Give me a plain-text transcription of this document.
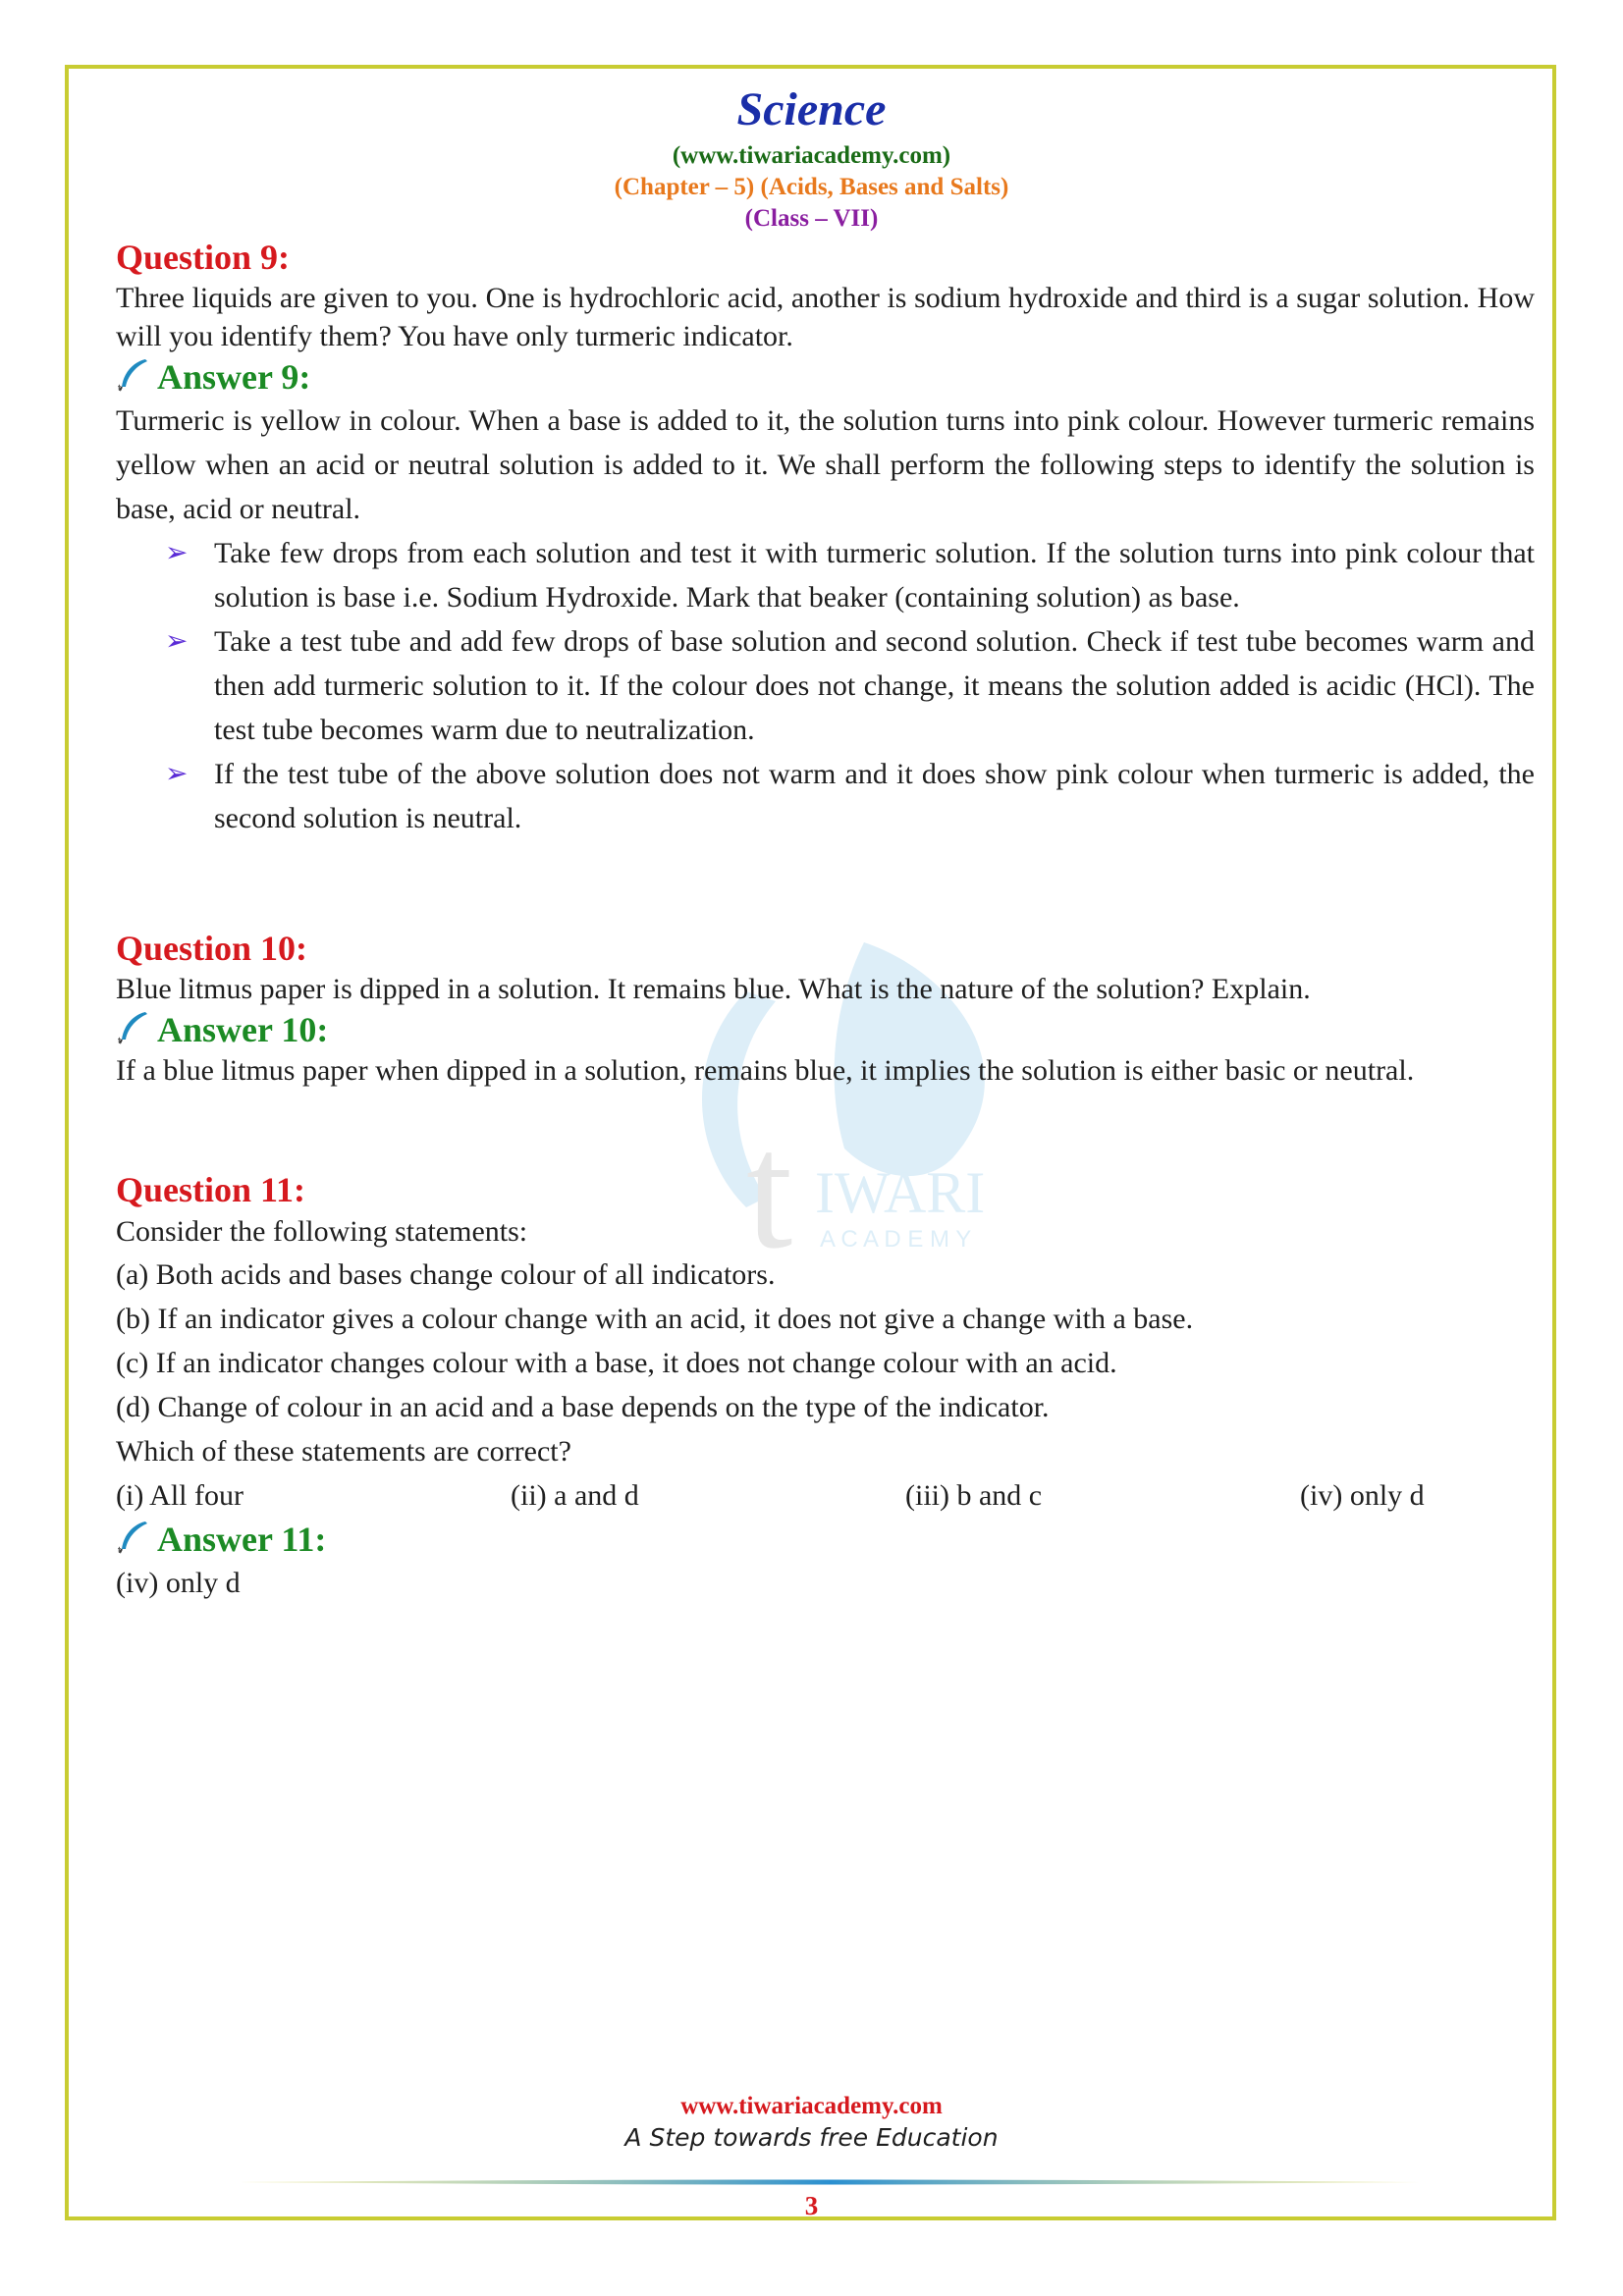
t IWARI
A C A D E M Y
Science
(www.tiwariacademy.com)
(Chapter – 5) (Acids, Bases and Salts)
(Class – VII)
Question 9:
Three liquids are given to you. One is hydrochloric acid, another is sodium hydroxide and third is a sugar solution. How will you identify them? You have only turmeric indicator.
t Answer 9:
Turmeric is yellow in colour. When a base is added to it, the solution turns into pink colour. However turmeric remains yellow when an acid or neutral solution is added to it. We shall perform the following steps to identify the solution is base, acid or neutral.
➢ Take few drops from each solution and test it with turmeric solution. If the solution turns into pink colour that solution is base i.e. Sodium Hydroxide. Mark that beaker (containing solution) as base.
➢ Take a test tube and add few drops of base solution and second solution. Check if test tube becomes warm and then add turmeric solution to it. If the colour does not change, it means the solution added is acidic (HCl). The test tube becomes warm due to neutralization.
➢ If the test tube of the above solution does not warm and it does show pink colour when turmeric is added, the second solution is neutral.
Question 10:
Blue litmus paper is dipped in a solution. It remains blue. What is the nature of the solution? Explain.
t Answer 10:
If a blue litmus paper when dipped in a solution, remains blue, it implies the solution is either basic or neutral.
Question 11:
Consider the following statements:
(a) Both acids and bases change colour of all indicators.
(b) If an indicator gives a colour change with an acid, it does not give a change with a base.
(c) If an indicator changes colour with a base, it does not change colour with an acid.
(d) Change of colour in an acid and a base depends on the type of the indicator.
Which of these statements are correct?
(i) All four	(ii) a and d	(iii) b and c	(iv) only d
t Answer 11:
(iv) only d
www.tiwariacademy.com
A Step towards free Education
3
